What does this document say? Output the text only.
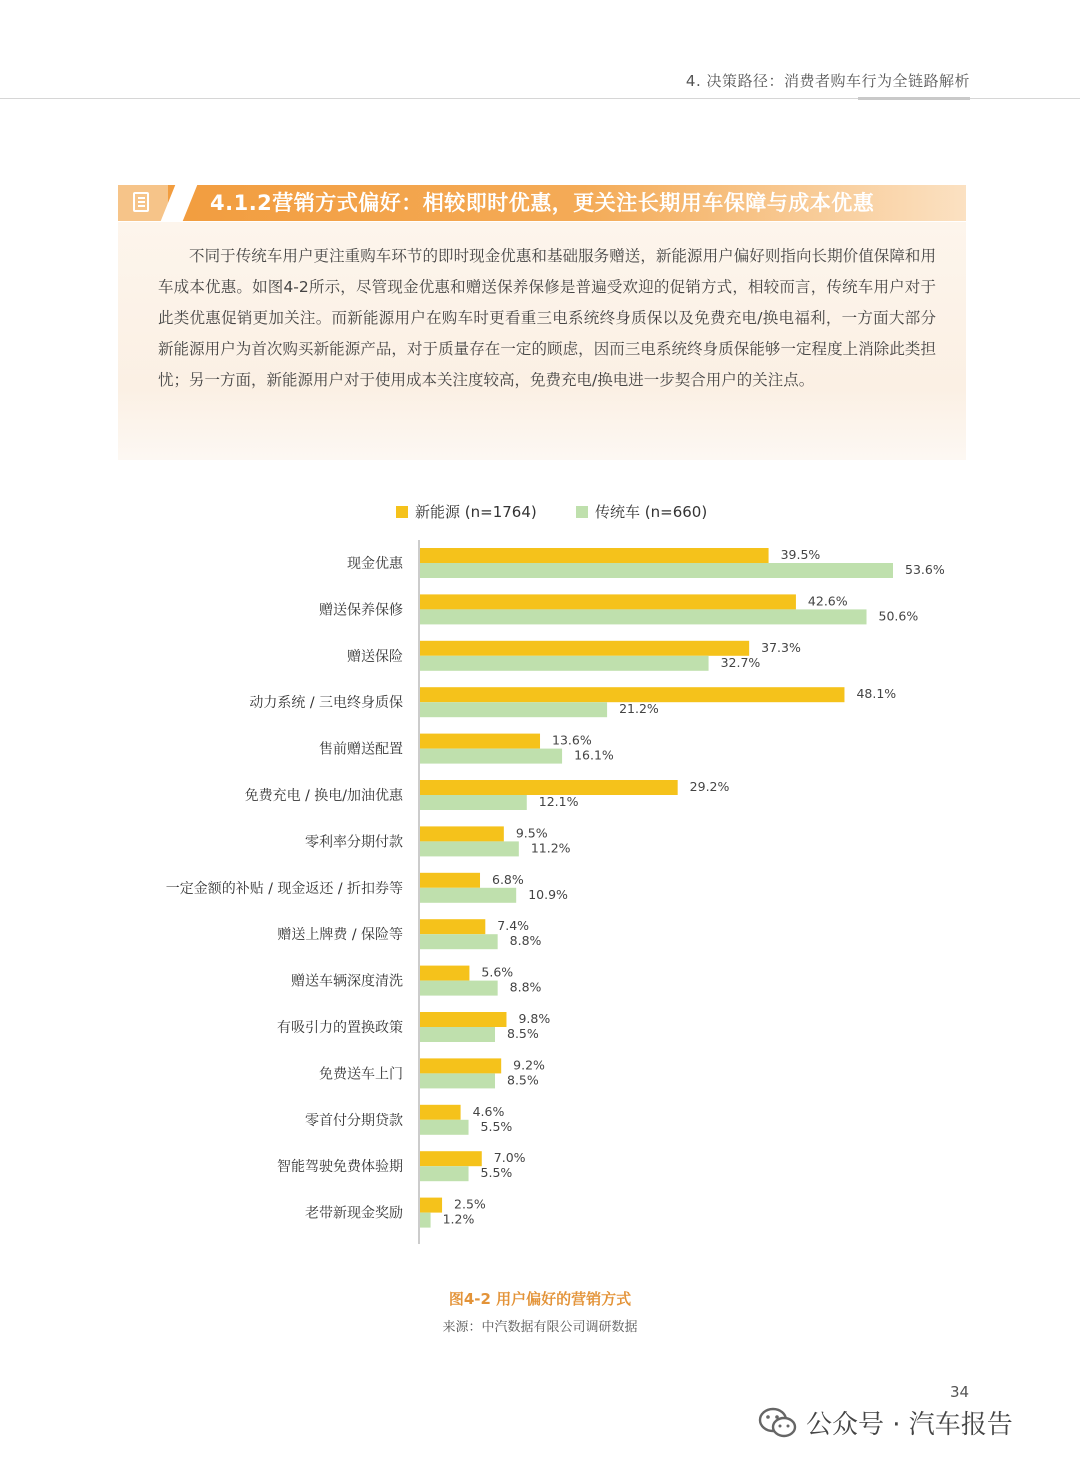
4. 决策路径：消费者购车行为全链路解析
4.1.2营销方式偏好：相较即时优惠，更关注长期用车保障与成本优惠

不同于传统车用户更注重购车环节的即时现金优惠和基础服务赠送，新能源用户偏好则指向长期价值保障和用车成本优惠。如图4-2所示，尽管现金优惠和赠送保养保修是普遍受欢迎的促销方式，相较而言，传统车用户对于此类优惠促销更加关注。而新能源用户在购车时更看重三电系统终身质保以及免费充电/换电福利，一方面大部分新能源用户为首次购买新能源产品，对于质量存在一定的顾虑，因而三电系统终身质保能够一定程度上消除此类担忧；另一方面，新能源用户对于使用成本关注度较高，免费充电/换电进一步契合用户的关注点。

新能源 (n=1764)	传统车 (n=660)
现金优惠
39.5%
53.6%
赠送保养保修
42.6%
50.6%
赠送保险
37.3%
32.7%
动力系统 / 三电终身质保
48.1%
21.2%
售前赠送配置
13.6%
16.1%
免费充电 / 换电/加油优惠
29.2%
12.1%
零利率分期付款
9.5%
11.2%
一定金额的补贴 / 现金返还 / 折扣券等
6.8%
10.9%
赠送上牌费 / 保险等
7.4%
8.8%
赠送车辆深度清洗
5.6%
8.8%
有吸引力的置换政策
9.8%
8.5%
免费送车上门
9.2%
8.5%
零首付分期贷款
4.6%
5.5%
智能驾驶免费体验期
7.0%
5.5%
老带新现金奖励
2.5%
1.2%
图4-2 用户偏好的营销方式
来源：中汽数据有限公司调研数据
34
公众号 · 汽车报告
